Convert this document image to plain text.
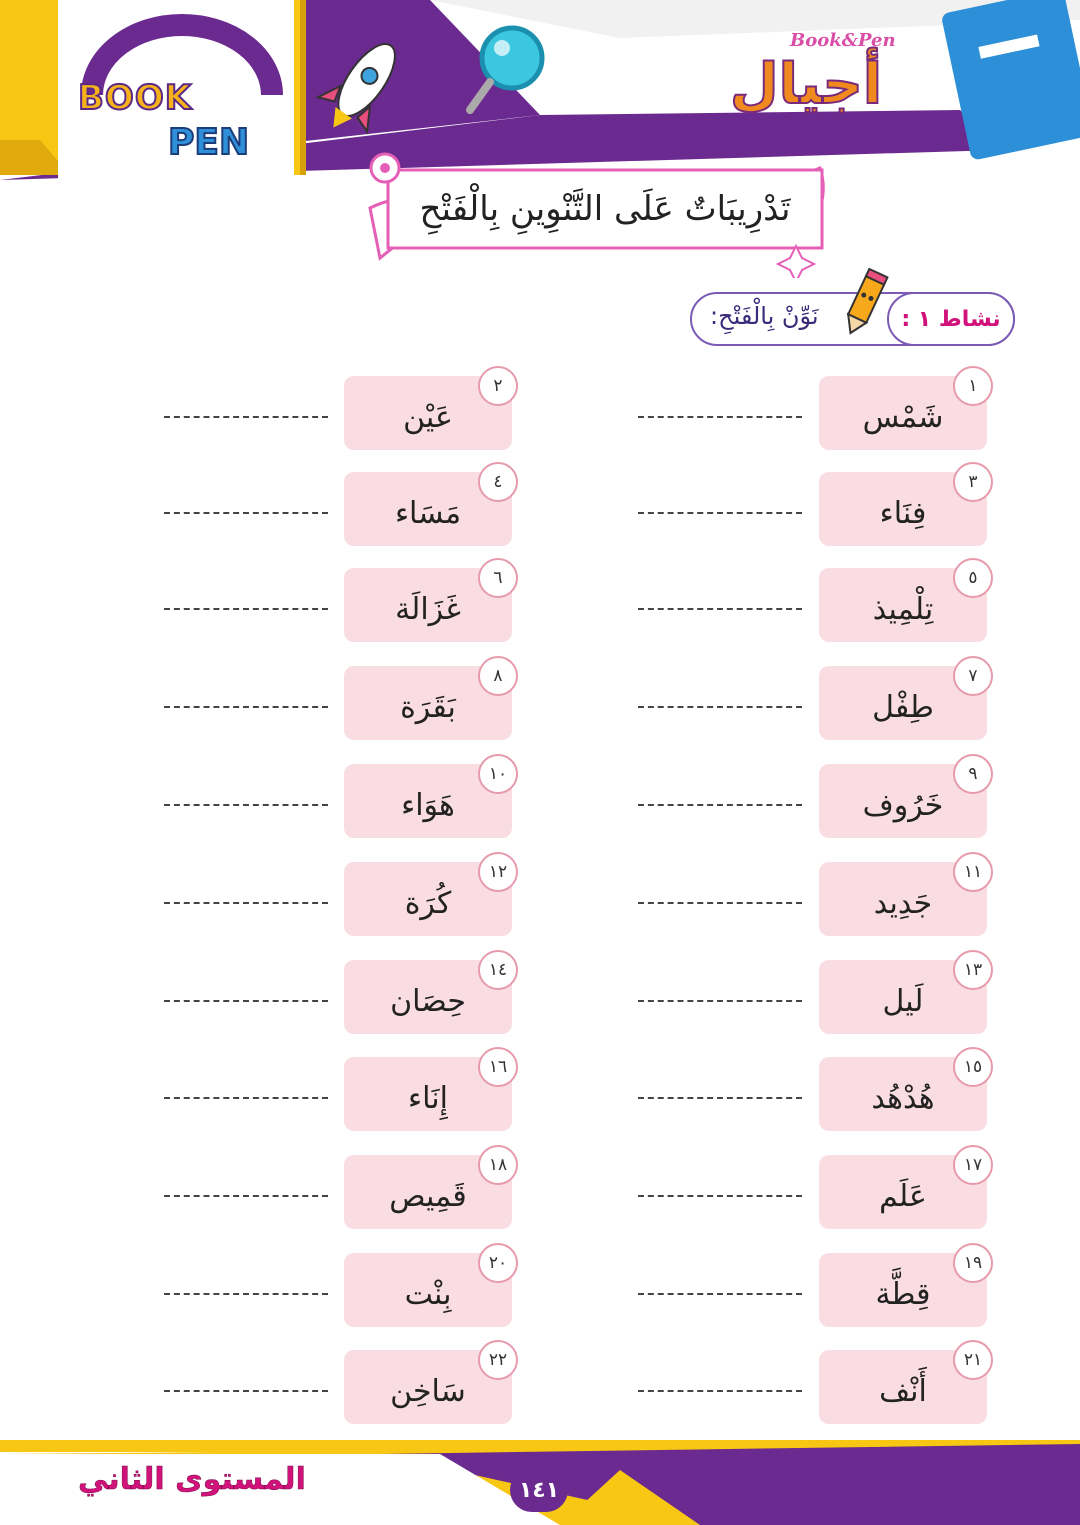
BOOK
PEN
Book&Pen
أجيال
تَدْرِيبَاتٌ عَلَى التَّنْوِينِ بِالْفَتْحِ
نَوِّنْ بِالْفَتْحِ:	نشاط ١ :
شَمْس
١
عَيْن
٢
فِنَاء
٣
مَسَاء
٤
تِلْمِيذ
٥
غَزَالَة
٦
طِفْل
٧
بَقَرَة
٨
خَرُوف
٩
هَوَاء
١٠
جَدِيد
١١
كُرَة
١٢
لَيل
١٣
حِصَان
١٤
هُدْهُد
١٥
إِنَاء
١٦
عَلَم
١٧
قَمِيص
١٨
قِطَّة
١٩
بِنْت
٢٠
أَنْف
٢١
سَاخِن
٢٢
المستوى الثاني	١٤١
